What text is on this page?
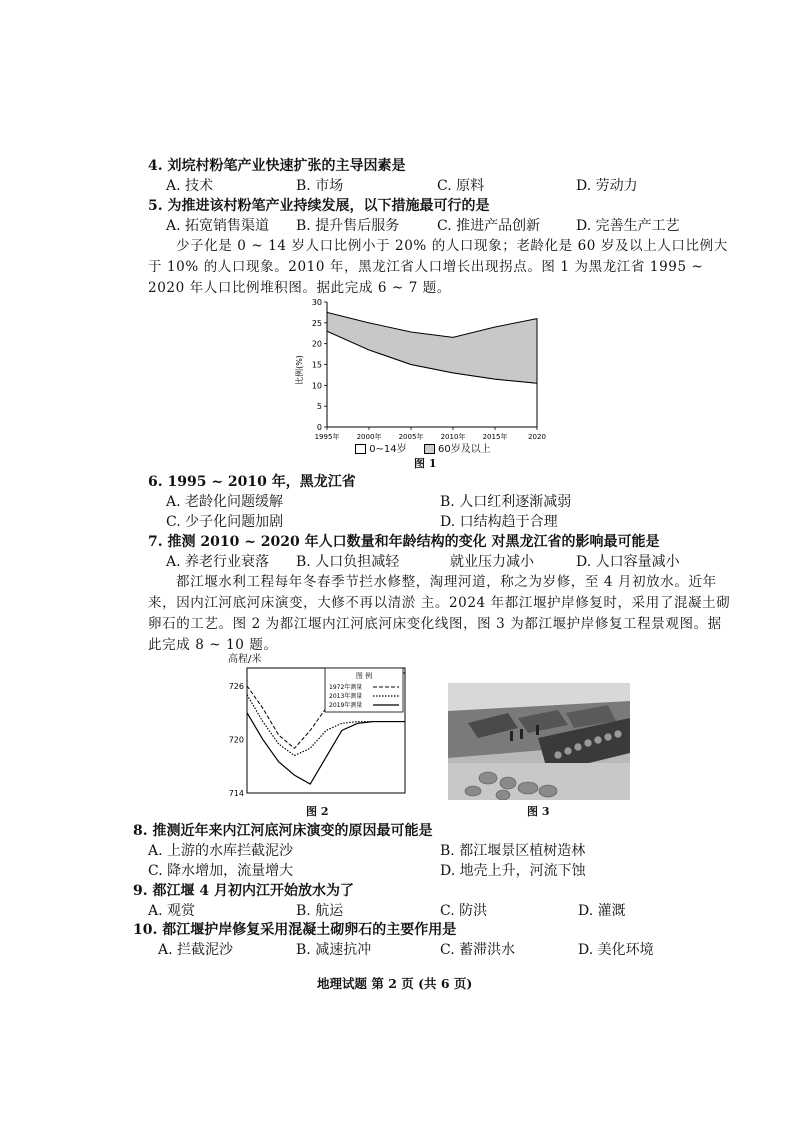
4. 刘垸村粉笔产业快速扩张的主导因素是
A. 技术	B. 市场	C. 原料	D. 劳动力
5. 为推进该村粉笔产业持续发展，以下措施最可行的是
A. 拓宽销售渠道 B. 提升售后服务	C. 推进产品创新	D. 完善生产工艺
少子化是 0 ~ 14 岁人口比例小于 20% 的人口现象；老龄化是 60 岁及以上人口比例大于 10% 的人口现象。2010 年，黑龙江省人口增长出现拐点。图 1 为黑龙江省 1995 ~ 2020 年人口比例堆积图。据此完成 6 ~ 7 题。
0
5
10
15
20
25
30
1995年 2000年 2005年 2010年 2015年	2020
比例(%)
0~14岁	60岁及以上
图 1
6. 1995 ~ 2010 年，黑龙江省
A. 老龄化问题缓解	B. 人口红利逐渐减弱
C. 少子化问题加剧	D. 口结构趋于合理
7. 推测 2010 ~ 2020 年人口数量和年龄结构的变化 对黑龙江省的影响最可能是
A. 养老行业衰落 B. 人口负担减轻	就业压力减小	D. 人口容量减小
都江堰水利工程每年冬春季节拦水修整，淘理河道，称之为岁修，至 4 月初放水。近年来，因内江河底河床演变，大修不再以清淤 主。2024 年都江堰护岸修复时，采用了混凝土砌卵石的工艺。图 2 为都江堰内江河底河床变化线图，图 3 为都江堰护岸修复工程景观图。据此完成 8 ~ 10 题。
高程/米
714
720
726
图 例
1972年测量
2013年测量
2019年测量
图 2	图 3
8. 推测近年来内江河底河床演变的原因最可能是
A. 上游的水库拦截泥沙	B. 都江堰景区植树造林
C. 降水增加，流量增大	D. 地壳上升，河流下蚀
9. 都江堰 4 月初内江开始放水为了
A. 观赏	B. 航运	C. 防洪	D. 灌溉
10. 都江堰护岸修复采用混凝土砌卵石的主要作用是
A. 拦截泥沙	B. 减速抗冲	C. 蓄滞洪水	D. 美化环境
地理试题 第 2 页 (共 6 页)
